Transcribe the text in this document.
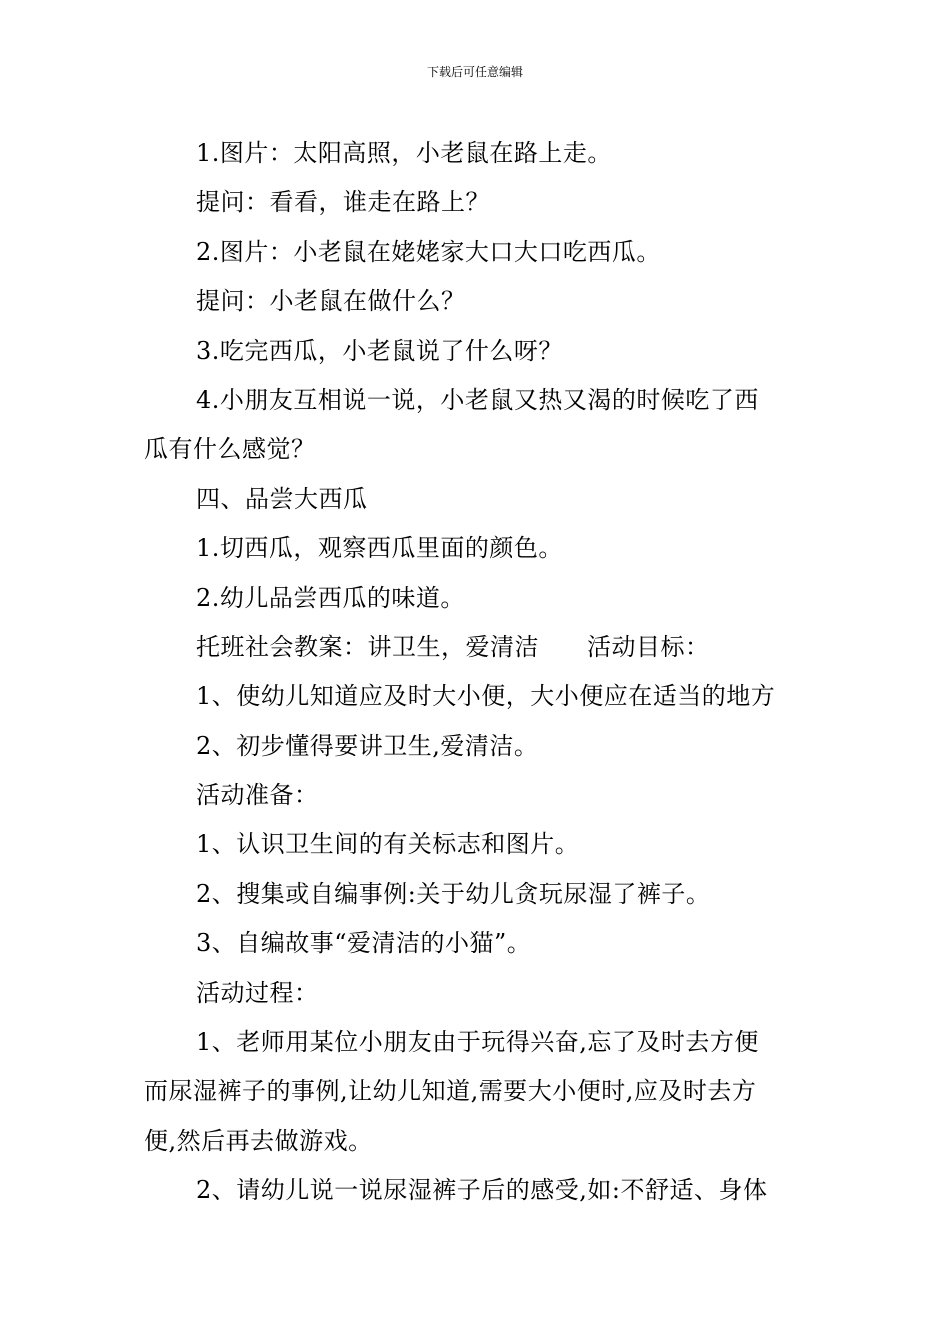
下载后可任意编辑
1.图片：太阳高照，小老鼠在路上走。
提问：看看，谁走在路上？
2.图片：小老鼠在姥姥家大口大口吃西瓜。
提问：小老鼠在做什么？
3.吃完西瓜，小老鼠说了什么呀？
4.小朋友互相说一说，小老鼠又热又渴的时候吃了西
瓜有什么感觉？
四、品尝大西瓜
1.切西瓜，观察西瓜里面的颜色。
2.幼儿品尝西瓜的味道。
托班社会教案：讲卫生，爱清洁 活动目标：
1、使幼儿知道应及时大小便，大小便应在适当的地方
2、初步懂得要讲卫生,爱清洁。
活动准备：
1、认识卫生间的有关标志和图片。
2、搜集或自编事例:关于幼儿贪玩尿湿了裤子。
3、自编故事“爱清洁的小猫”。
活动过程：
1、老师用某位小朋友由于玩得兴奋,忘了及时去方便
而尿湿裤子的事例,让幼儿知道,需要大小便时,应及时去方
便,然后再去做游戏。
2、请幼儿说一说尿湿裤子后的感受,如:不舒适、身体
